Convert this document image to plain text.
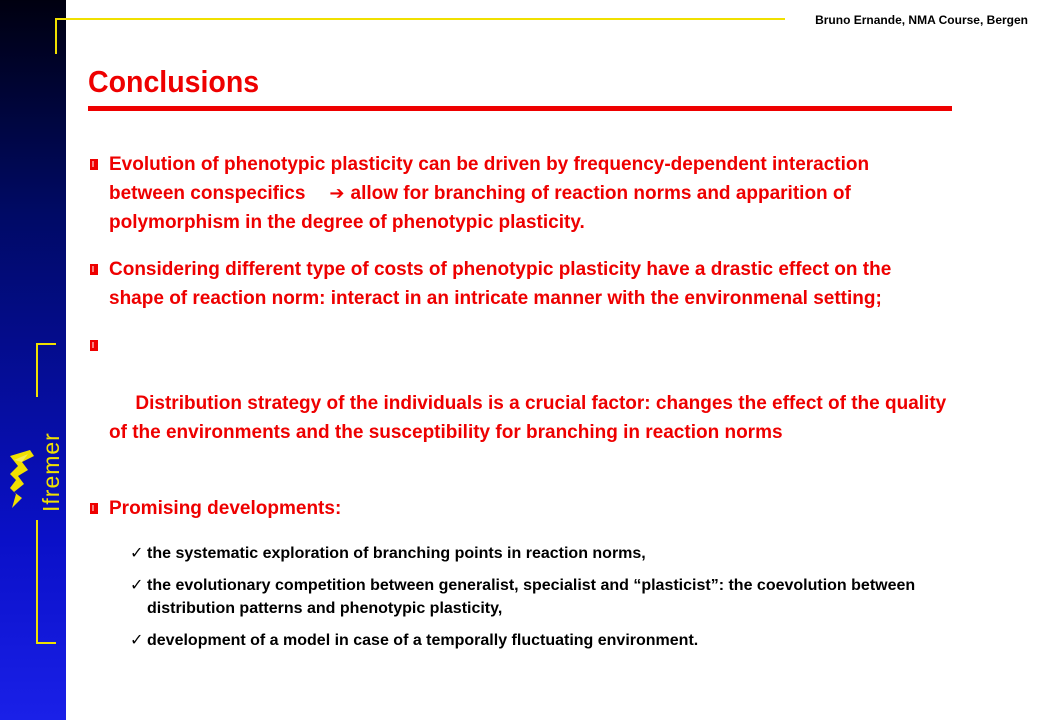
Ifremer
Bruno Ernande, NMA Course, Bergen
Conclusions
Evolution of phenotypic plasticity can be driven by frequency-dependent interaction between conspecifics ➔ allow for branching of reaction norms and apparition of polymorphism in the degree of phenotypic plasticity.
Considering different type of costs of phenotypic plasticity have a drastic effect on the shape of reaction norm: interact in an intricate manner with the environmenal setting;

Distribution strategy of the individuals is a crucial factor: changes the effect of the quality of the environments and the susceptibility for branching in reaction norms

Promising developments:
✓ the systematic exploration of branching points in reaction norms,
✓ the evolutionary competition between generalist, specialist and “plasticist”: the coevolution between distribution patterns and phenotypic plasticity,
✓ development of a model in case of a temporally fluctuating environment.
